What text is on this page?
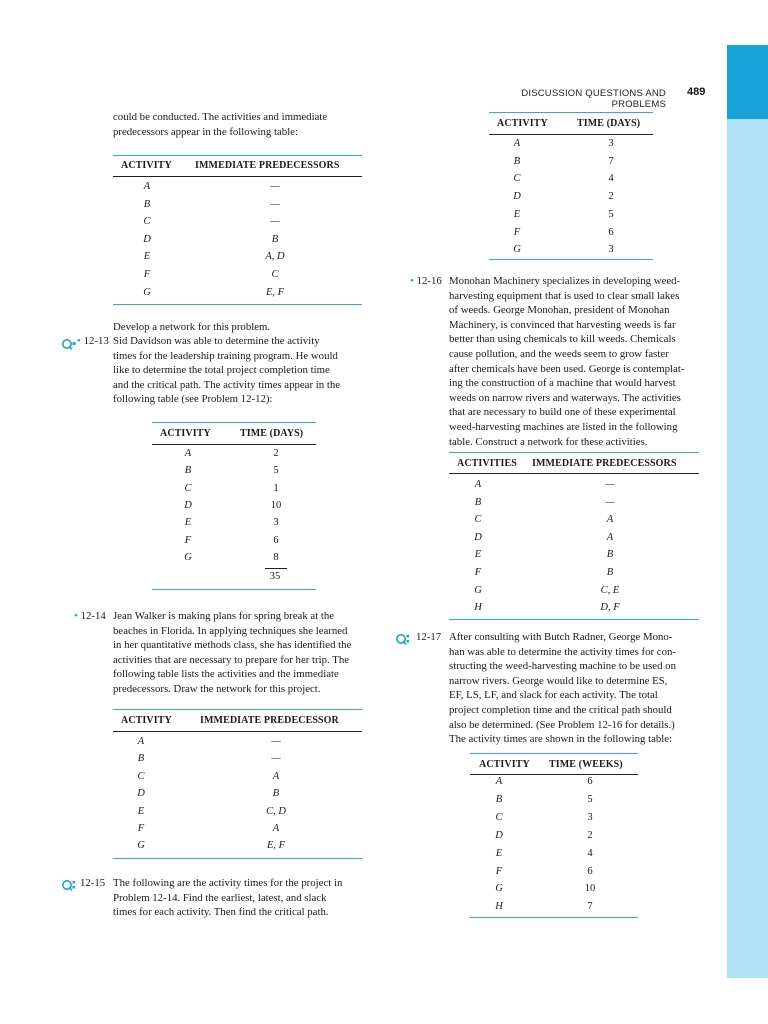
DISCUSSION QUESTIONS AND PROBLEMS
489
could be conducted. The activities and immediate
predecessors appear in the following table:
ACTIVITY IMMEDIATE PREDECESSORS
A	—
B	—
C	—
D	B
E	A, D
F	C
G	E, F
Develop a network for this problem.
• 12-13 Sid Davidson was able to determine the activity
times for the leadership training program. He would
like to determine the total project completion time
and the critical path. The activity times appear in the
following table (see Problem 12-12):
ACTIVITY	TIME (DAYS)
A	2
B	5
C	1
D	10
E	3
F	6
G	8
35
• 12-14 Jean Walker is making plans for spring break at the
beaches in Florida. In applying techniques she learned
in her quantitative methods class, she has identified the
activities that are necessary to prepare for her trip. The
following table lists the activities and the immediate
predecessors. Draw the network for this project.
ACTIVITY	IMMEDIATE PREDECESSOR
A	—
B	—
C	A
D	B
E	C, D
F	A
G	E, F
12-15 The following are the activity times for the project in
Problem 12-14. Find the earliest, latest, and slack
times for each activity. Then find the critical path.
ACTIVITY	TIME (DAYS)
A	3
B	7
C	4
D	2
E	5
F	6
G	3
• 12-16 Monohan Machinery specializes in developing weed-
harvesting equipment that is used to clear small lakes
of weeds. George Monohan, president of Monohan
Machinery, is convinced that harvesting weeds is far
better than using chemicals to kill weeds. Chemicals
cause pollution, and the weeds seem to grow faster
after chemicals have been used. George is contemplat-
ing the construction of a machine that would harvest
weeds on narrow rivers and waterways. The activities
that are necessary to build one of these experimental
weed-harvesting machines are listed in the following
table. Construct a network for these activities.
ACTIVITIES IMMEDIATE PREDECESSORS
A	—
B	—
C	A
D	A
E	B
F	B
G	C, E
H	D, F
12-17 After consulting with Butch Radner, George Mono-
han was able to determine the activity times for con-
structing the weed-harvesting machine to be used on
narrow rivers. George would like to determine ES,
EF, LS, LF, and slack for each activity. The total
project completion time and the critical path should
also be determined. (See Problem 12-16 for details.)
The activity times are shown in the following table:
ACTIVITY TIME (WEEKS)
A	6
B	5
C	3
D	2
E	4
F	6
G	10
H	7
